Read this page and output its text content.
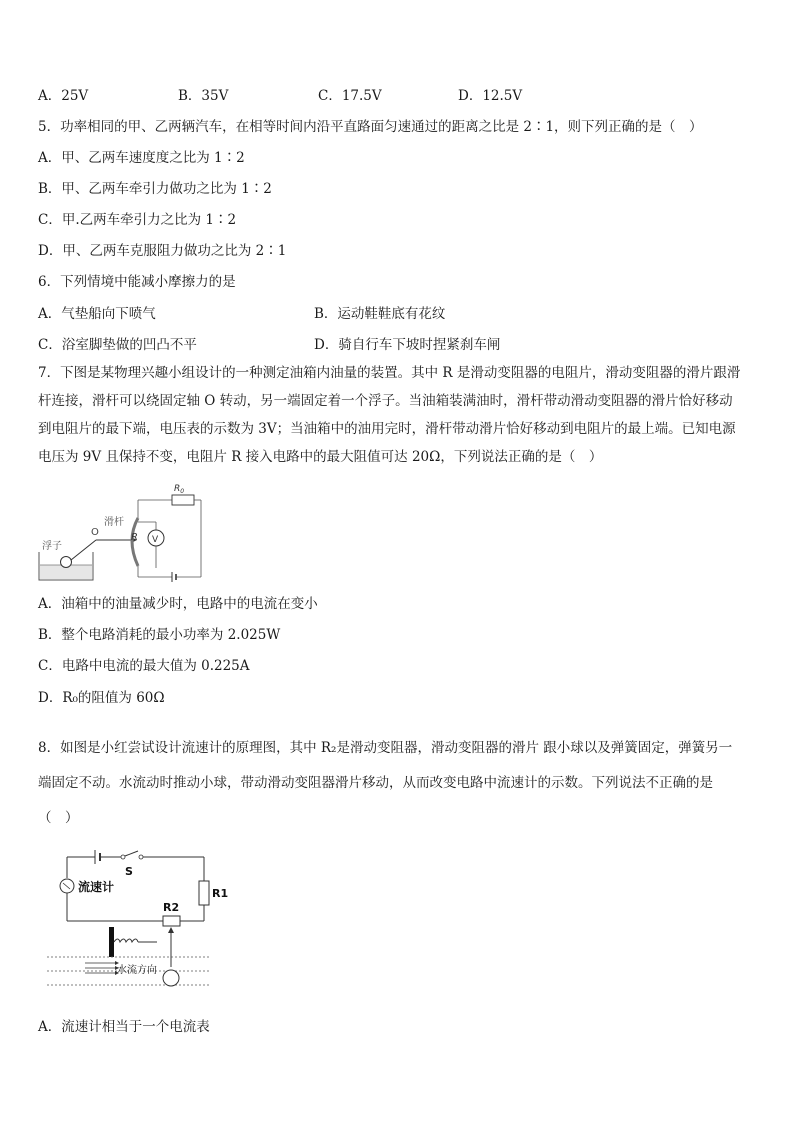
A．25V	B．35V	C．17.5V	D．12.5V
5．功率相同的甲、乙两辆汽车，在相等时间内沿平直路面匀速通过的距离之比是 2∶1，则下列正确的是（　）
A．甲、乙两车速度度之比为 1∶2
B．甲、乙两车牵引力做功之比为 1∶2
C．甲.乙两车牵引力之比为 1∶2
D．甲、乙两车克服阻力做功之比为 2∶1
6．下列情境中能减小摩擦力的是
A．气垫船向下喷气	B．运动鞋鞋底有花纹
C．浴室脚垫做的凹凸不平	D．骑自行车下坡时捏紧刹车闸
7．下图是某物理兴趣小组设计的一种测定油箱内油量的装置。其中 R 是滑动变阻器的电阻片，滑动变阻器的滑片跟滑
杆连接，滑杆可以绕固定轴 O 转动，另一端固定着一个浮子。当油箱装满油时，滑杆带动滑动变阻器的滑片恰好移动
到电阻片的最下端，电压表的示数为 3V；当油箱中的油用完时，滑杆带动滑片恰好移动到电阻片的最上端。已知电源
电压为 9V 且保持不变，电阻片 R 接入电路中的最大阻值可达 20Ω，下列说法正确的是（　）
浮子
O
滑杆
R
$R_0$
V
A．油箱中的油量减少时，电路中的电流在变小
B．整个电路消耗的最小功率为 2.025W
C．电路中电流的最大值为 0.225A
D．R₀的阻值为 60Ω
8．如图是小红尝试设计流速计的原理图，其中 R₂是滑动变阻器，滑动变阻器的滑片 跟小球以及弹簧固定，弹簧另一
端固定不动。水流动时推动小球，带动滑动变阻器滑片移动，从而改变电路中流速计的示数。下列说法不正确的是
（　）
S
R1
流速计
R2
水流方向
A．流速计相当于一个电流表
